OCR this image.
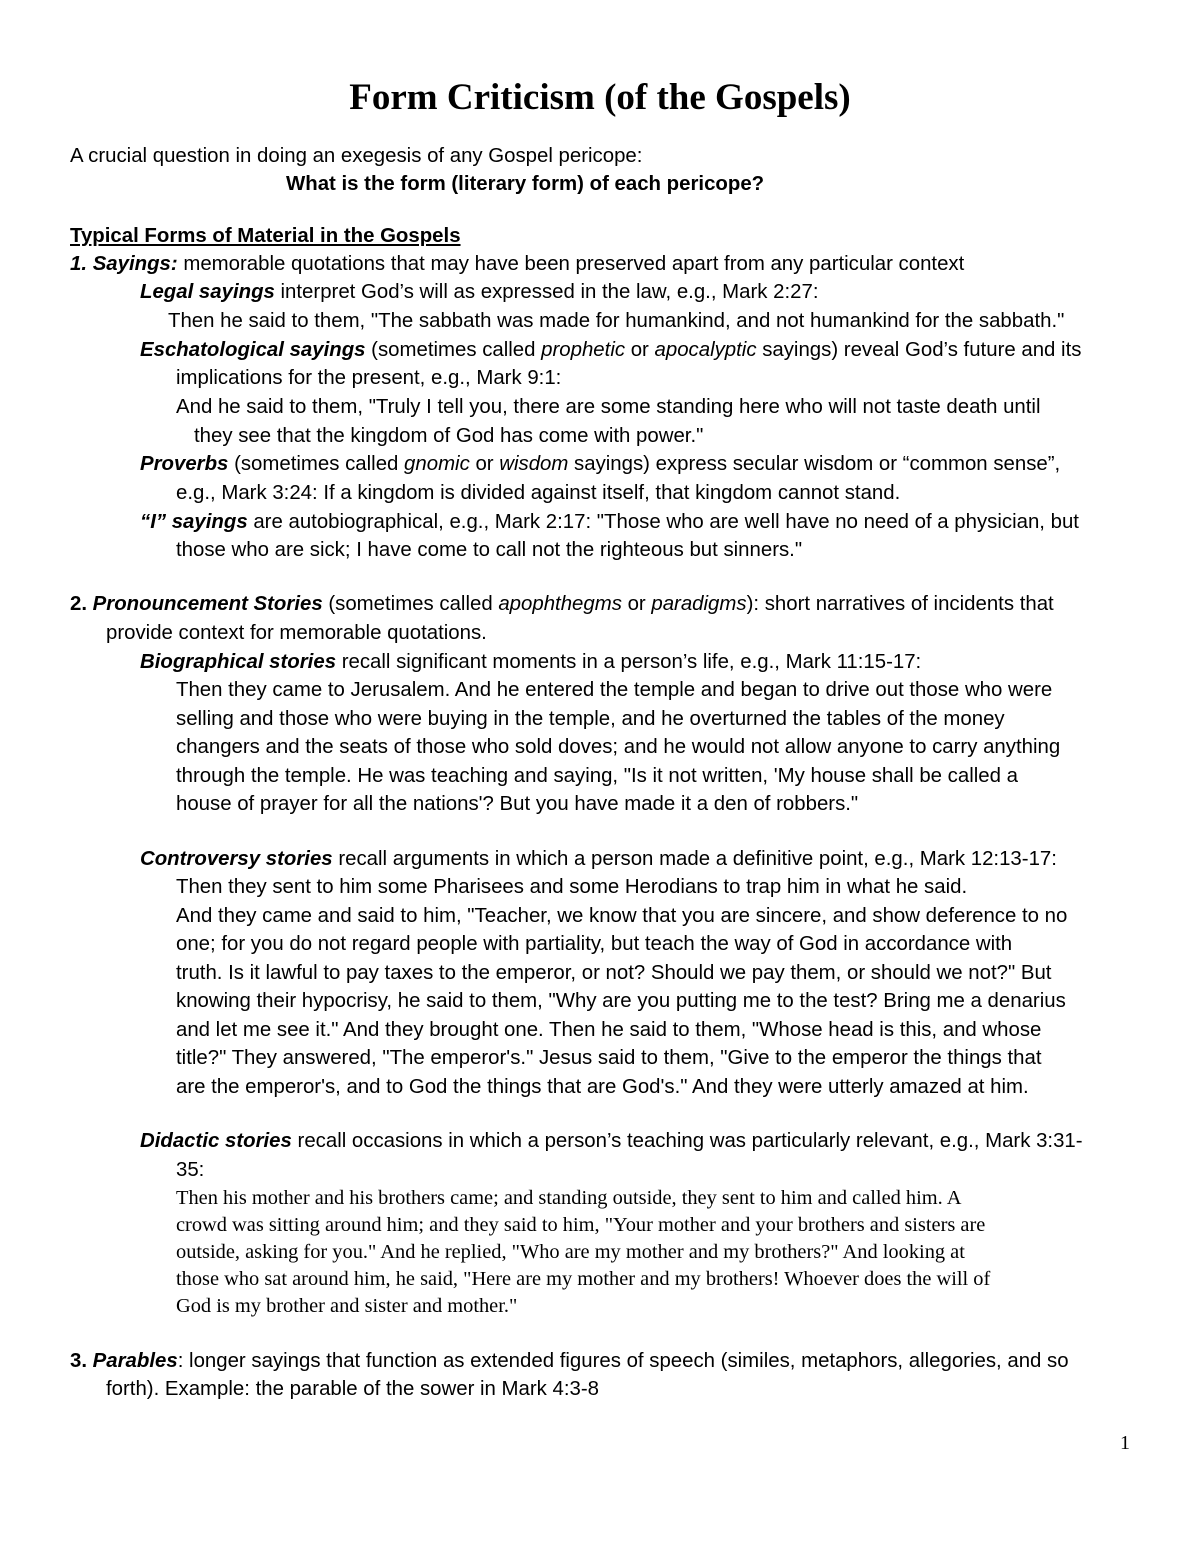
Form Criticism (of the Gospels)
A crucial question in doing an exegesis of any Gospel pericope:
What is the form (literary form) of each pericope?
Typical Forms of Material in the Gospels
1. Sayings: memorable quotations that may have been preserved apart from any particular context
Legal sayings interpret God’s will as expressed in the law, e.g., Mark 2:27:
Then he said to them, "The sabbath was made for humankind, and not humankind for the sabbath."
Eschatological sayings (sometimes called prophetic or apocalyptic sayings) reveal God’s future and its
implications for the present, e.g., Mark 9:1:
And he said to them, "Truly I tell you, there are some standing here who will not taste death until
they see that the kingdom of God has come with power."
Proverbs (sometimes called gnomic or wisdom sayings) express secular wisdom or “common sense”,
e.g., Mark 3:24: If a kingdom is divided against itself, that kingdom cannot stand.
“I” sayings are autobiographical, e.g., Mark 2:17: "Those who are well have no need of a physician, but
those who are sick; I have come to call not the righteous but sinners."
2. Pronouncement Stories (sometimes called apophthegms or paradigms): short narratives of incidents that
provide context for memorable quotations.
Biographical stories recall significant moments in a person’s life, e.g., Mark 11:15-17:
Then they came to Jerusalem. And he entered the temple and began to drive out those who were
selling and those who were buying in the temple, and he overturned the tables of the money
changers and the seats of those who sold doves; and he would not allow anyone to carry anything
through the temple. He was teaching and saying, "Is it not written, 'My house shall be called a
house of prayer for all the nations'? But you have made it a den of robbers."
Controversy stories recall arguments in which a person made a definitive point, e.g., Mark 12:13-17:
Then they sent to him some Pharisees and some Herodians to trap him in what he said.
And they came and said to him, "Teacher, we know that you are sincere, and show deference to no
one; for you do not regard people with partiality, but teach the way of God in accordance with
truth. Is it lawful to pay taxes to the emperor, or not? Should we pay them, or should we not?" But
knowing their hypocrisy, he said to them, "Why are you putting me to the test? Bring me a denarius
and let me see it." And they brought one. Then he said to them, "Whose head is this, and whose
title?" They answered, "The emperor's." Jesus said to them, "Give to the emperor the things that
are the emperor's, and to God the things that are God's." And they were utterly amazed at him.
Didactic stories recall occasions in which a person’s teaching was particularly relevant, e.g., Mark 3:31-
35:
Then his mother and his brothers came; and standing outside, they sent to him and called him. A
crowd was sitting around him; and they said to him, "Your mother and your brothers and sisters are
outside, asking for you." And he replied, "Who are my mother and my brothers?" And looking at
those who sat around him, he said, "Here are my mother and my brothers! Whoever does the will of
God is my brother and sister and mother."
3. Parables: longer sayings that function as extended figures of speech (similes, metaphors, allegories, and so
forth). Example: the parable of the sower in Mark 4:3-8
1
